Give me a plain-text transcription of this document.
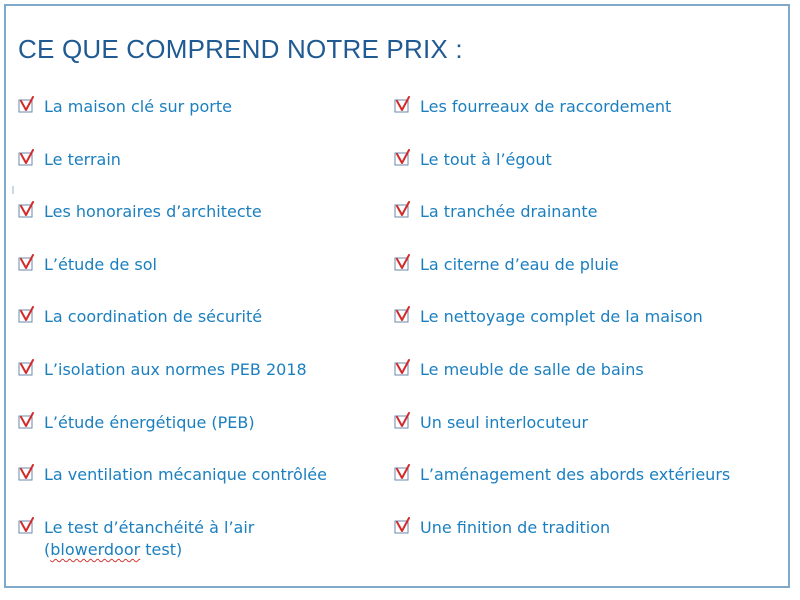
CE QUE COMPREND NOTRE PRIX :
La maison clé sur porte
Le terrain
Les honoraires d’architecte
L’étude de sol
La coordination de sécurité
L’isolation aux normes PEB 2018
L’étude énergétique (PEB)
La ventilation mécanique contrôlée
Le test d’étanchéité à l’air
(blowerdoor test)
Les fourreaux de raccordement
Le tout à l’égout
La tranchée drainante
La citerne d’eau de pluie
Le nettoyage complet de la maison
Le meuble de salle de bains
Un seul interlocuteur
L’aménagement des abords extérieurs
Une finition de tradition
